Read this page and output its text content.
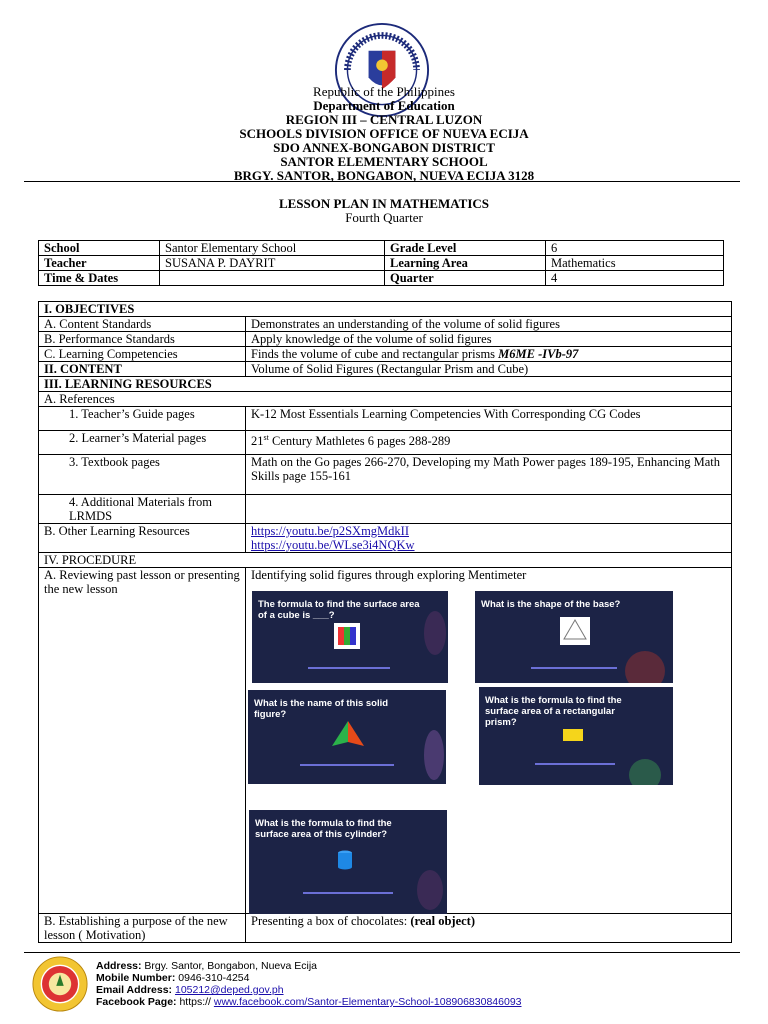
Republic of the Philippines
Department of Education
REGION III – CENTRAL LUZON
SCHOOLS DIVISION OFFICE OF NUEVA ECIJA
SDO ANNEX-BONGABON DISTRICT
SANTOR ELEMENTARY SCHOOL
BRGY. SANTOR, BONGABON, NUEVA ECIJA 3128
LESSON PLAN IN MATHEMATICS
Fourth Quarter
School	Santor Elementary School	Grade Level	6
Teacher	SUSANA P. DAYRIT	Learning Area	Mathematics
Time & Dates		Quarter	4
I. OBJECTIVES	
A. Content Standards	Demonstrates an understanding of the volume of solid figures
B. Performance Standards	Apply knowledge of the volume of solid figures
C. Learning Competencies	Finds the volume of cube and rectangular prisms M6ME -IVb-97
II. CONTENT	Volume of Solid Figures (Rectangular Prism and Cube)
III. LEARNING RESOURCES	
A. References	
1. Teacher’s Guide pages	K-12 Most Essentials Learning Competencies With Corresponding CG Codes
2. Learner’s Material pages	21st Century Mathletes 6 pages 288-289
3. Textbook pages	Math on the Go pages 266-270, Developing my Math Power pages 189-195, Enhancing Math Skills page 155-161
4. Additional Materials from LRMDS	
B. Other Learning Resources	https://youtu.be/p2SXmgMdkII
https://youtu.be/WLse3i4NQKw
IV. PROCEDURE	
A. Reviewing past lesson or presenting the new lesson	Identifying solid figures through exploring Mentimeter
B. Establishing a purpose of the new lesson ( Motivation)	Presenting a box of chocolates: (real object)
The formula to find the surface area of a cube is ___?
What is the shape of the base?
What is the name of this solid figure?
What is the formula to find the surface area of a rectangular prism?
What is the formula to find the surface area of this cylinder?
Address: Brgy. Santor, Bongabon, Nueva Ecija
Mobile Number: 0946-310-4254
Email Address: 105212@deped.gov.ph
Facebook Page: https:// www.facebook.com/Santor-Elementary-School-108906830846093
